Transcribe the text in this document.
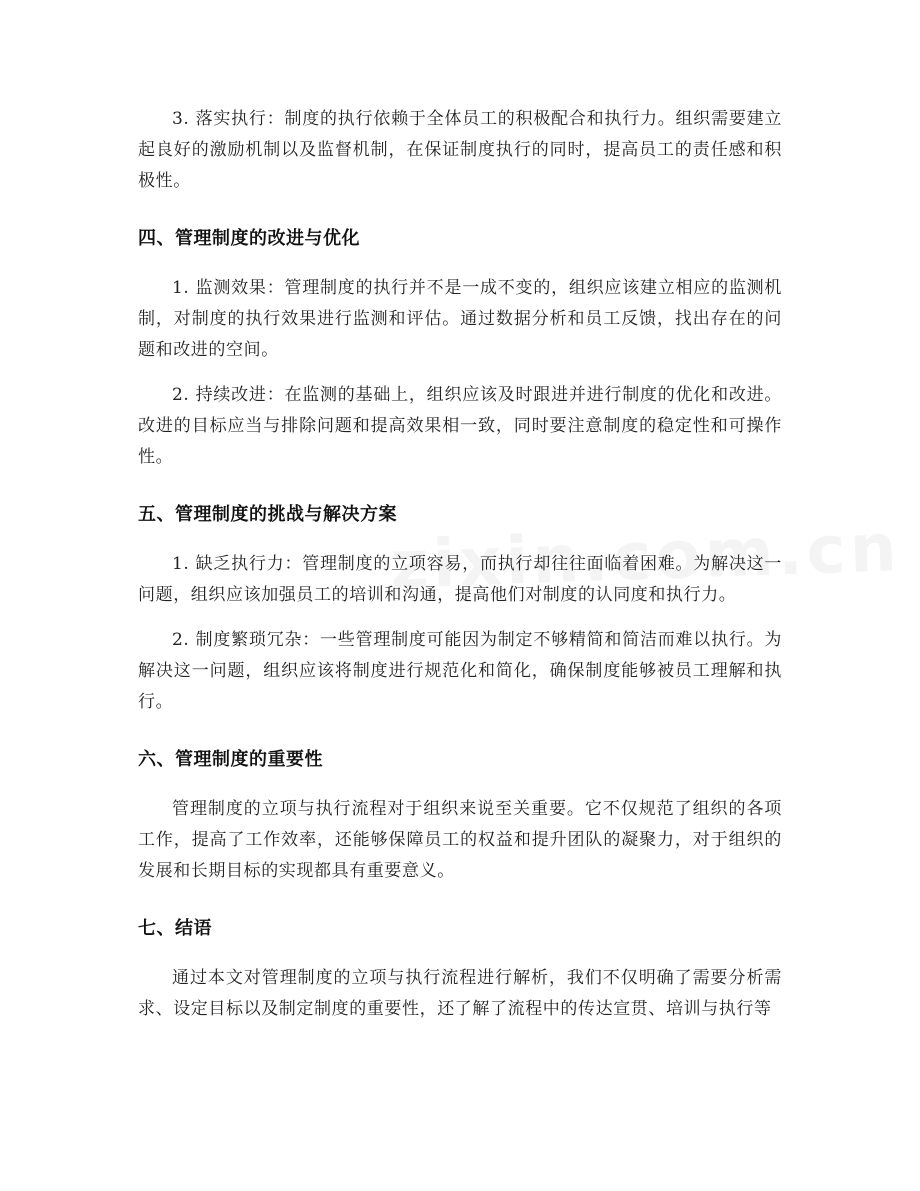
3. 落实执行：制度的执行依赖于全体员工的积极配合和执行力。组织需要建立起良好的激励机制以及监督机制，在保证制度执行的同时，提高员工的责任感和积极性。

四、管理制度的改进与优化

1. 监测效果：管理制度的执行并不是一成不变的，组织应该建立相应的监测机制，对制度的执行效果进行监测和评估。通过数据分析和员工反馈，找出存在的问题和改进的空间。

2. 持续改进：在监测的基础上，组织应该及时跟进并进行制度的优化和改进。改进的目标应当与排除问题和提高效果相一致，同时要注意制度的稳定性和可操作性。

五、管理制度的挑战与解决方案

1. 缺乏执行力：管理制度的立项容易，而执行却往往面临着困难。为解决这一问题，组织应该加强员工的培训和沟通，提高他们对制度的认同度和执行力。

2. 制度繁琐冗杂：一些管理制度可能因为制定不够精简和简洁而难以执行。为解决这一问题，组织应该将制度进行规范化和简化，确保制度能够被员工理解和执行。

六、管理制度的重要性

管理制度的立项与执行流程对于组织来说至关重要。它不仅规范了组织的各项工作，提高了工作效率，还能够保障员工的权益和提升团队的凝聚力，对于组织的发展和长期目标的实现都具有重要意义。

七、结语

通过本文对管理制度的立项与执行流程进行解析，我们不仅明确了需要分析需求、设定目标以及制定制度的重要性，还了解了流程中的传达宣贯、培训与执行等
